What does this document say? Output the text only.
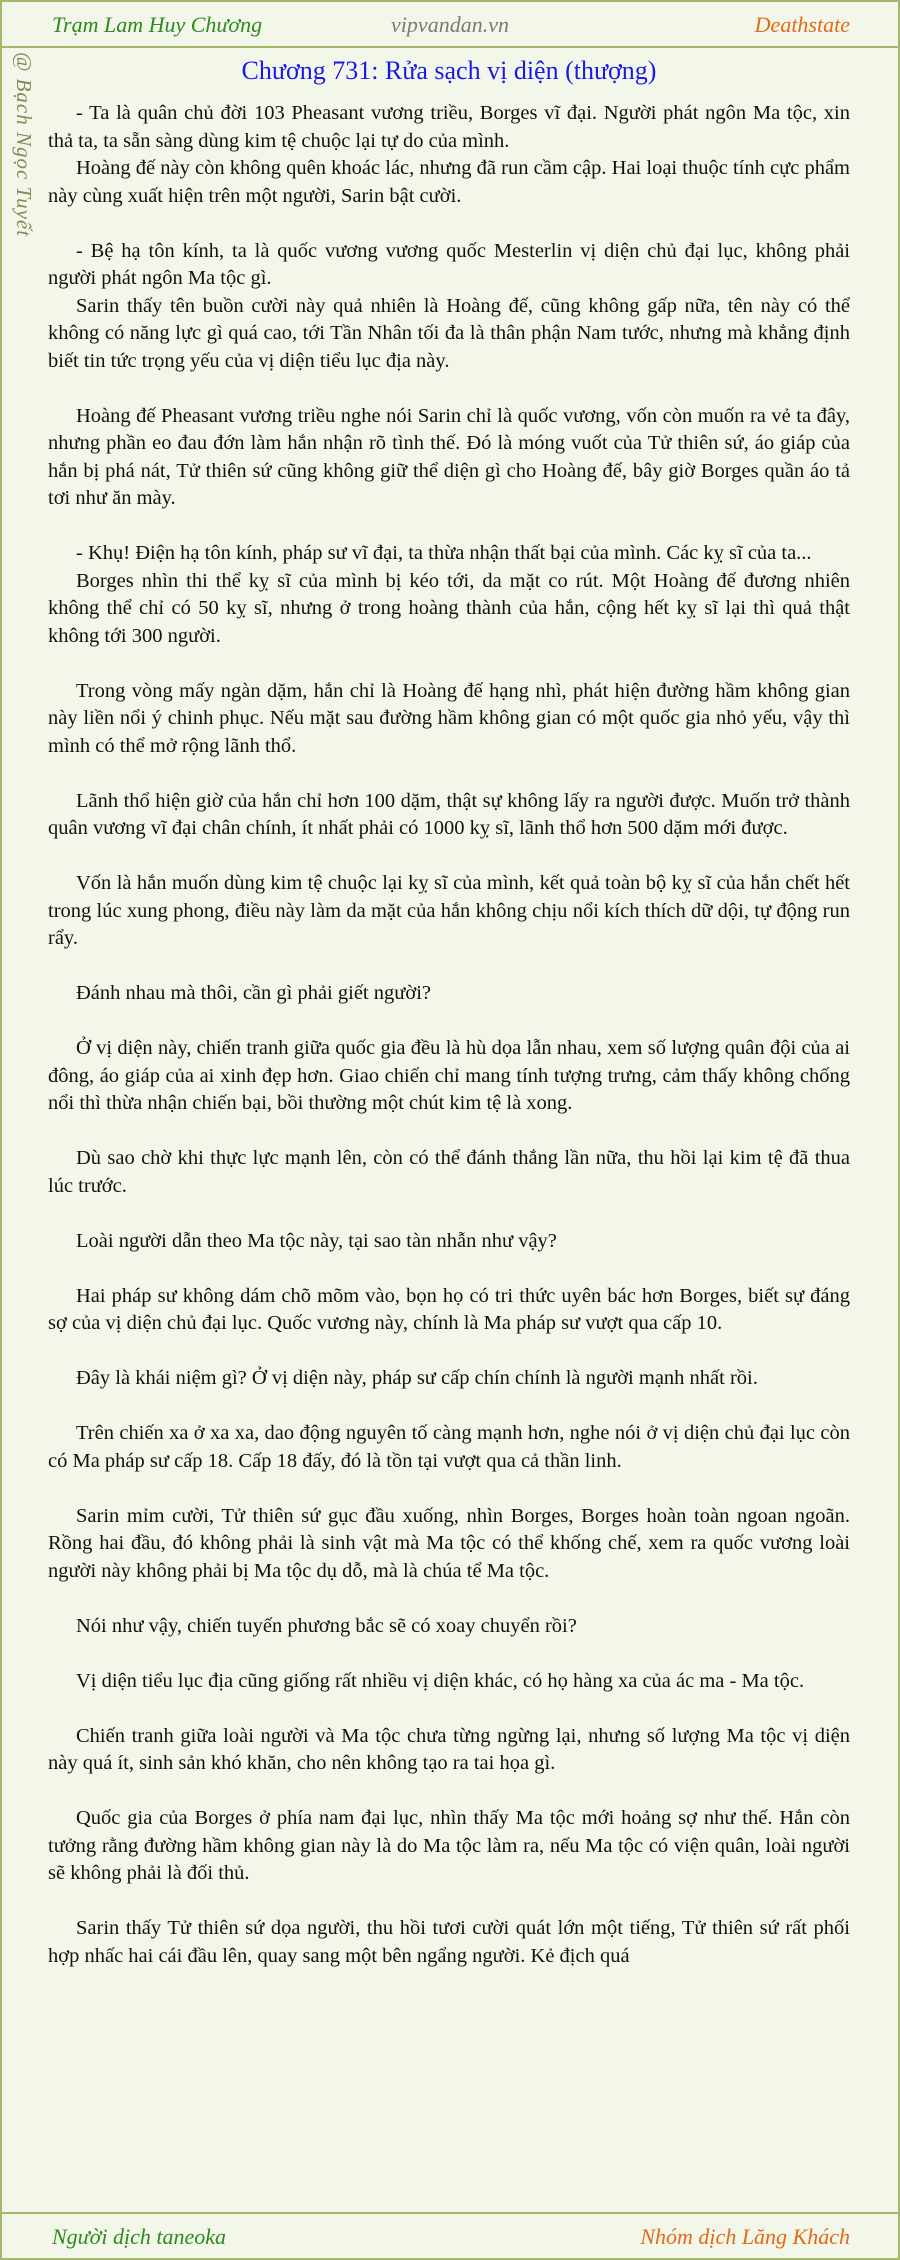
Trạm Lam Huy Chương	vipvandan.vn	Deathstate
@ Bạch Ngọc Tuyết	Chương 731: Rửa sạch vị diện (thượng)

- Ta là quân chủ đời 103 Pheasant vương triều, Borges vĩ đại. Người phát ngôn Ma tộc, xin thả ta, ta sẵn sàng dùng kim tệ chuộc lại tự do của mình.

Hoàng đế này còn không quên khoác lác, nhưng đã run cầm cập. Hai loại thuộc tính cực phẩm này cùng xuất hiện trên một người, Sarin bật cười.

- Bệ hạ tôn kính, ta là quốc vương vương quốc Mesterlin vị diện chủ đại lục, không phải người phát ngôn Ma tộc gì.

Sarin thấy tên buồn cười này quả nhiên là Hoàng đế, cũng không gấp nữa, tên này có thể không có năng lực gì quá cao, tới Tần Nhân tối đa là thân phận Nam tước, nhưng mà khẳng định biết tin tức trọng yếu của vị diện tiểu lục địa này.

Hoàng đế Pheasant vương triều nghe nói Sarin chỉ là quốc vương, vốn còn muốn ra vẻ ta đây, nhưng phần eo đau đớn làm hắn nhận rõ tình thế. Đó là móng vuốt của Tử thiên sứ, áo giáp của hắn bị phá nát, Tử thiên sứ cũng không giữ thể diện gì cho Hoàng đế, bây giờ Borges quần áo tả tơi như ăn mày.

- Khụ! Điện hạ tôn kính, pháp sư vĩ đại, ta thừa nhận thất bại của mình. Các kỵ sĩ của ta...

Borges nhìn thi thể kỵ sĩ của mình bị kéo tới, da mặt co rút. Một Hoàng đế đương nhiên không thể chỉ có 50 kỵ sĩ, nhưng ở trong hoàng thành của hắn, cộng hết kỵ sĩ lại thì quả thật không tới 300 người.

Trong vòng mấy ngàn dặm, hắn chỉ là Hoàng đế hạng nhì, phát hiện đường hầm không gian này liền nổi ý chinh phục. Nếu mặt sau đường hầm không gian có một quốc gia nhỏ yếu, vậy thì mình có thể mở rộng lãnh thổ.

Lãnh thổ hiện giờ của hắn chỉ hơn 100 dặm, thật sự không lấy ra người được. Muốn trở thành quân vương vĩ đại chân chính, ít nhất phải có 1000 kỵ sĩ, lãnh thổ hơn 500 dặm mới được.

Vốn là hắn muốn dùng kim tệ chuộc lại kỵ sĩ của mình, kết quả toàn bộ kỵ sĩ của hắn chết hết trong lúc xung phong, điều này làm da mặt của hắn không chịu nổi kích thích dữ dội, tự động run rẩy.

Đánh nhau mà thôi, cần gì phải giết người?

Ở vị diện này, chiến tranh giữa quốc gia đều là hù dọa lẫn nhau, xem số lượng quân đội của ai đông, áo giáp của ai xinh đẹp hơn. Giao chiến chỉ mang tính tượng trưng, cảm thấy không chống nổi thì thừa nhận chiến bại, bồi thường một chút kim tệ là xong.

Dù sao chờ khi thực lực mạnh lên, còn có thể đánh thắng lần nữa, thu hồi lại kim tệ đã thua lúc trước.

Loài người dẫn theo Ma tộc này, tại sao tàn nhẫn như vậy?

Hai pháp sư không dám chõ mõm vào, bọn họ có tri thức uyên bác hơn Borges, biết sự đáng sợ của vị diện chủ đại lục. Quốc vương này, chính là Ma pháp sư vượt qua cấp 10.

Đây là khái niệm gì? Ở vị diện này, pháp sư cấp chín chính là người mạnh nhất rồi.

Trên chiến xa ở xa xa, dao động nguyên tố càng mạnh hơn, nghe nói ở vị diện chủ đại lục còn có Ma pháp sư cấp 18. Cấp 18 đấy, đó là tồn tại vượt qua cả thần linh.

Sarin mỉm cười, Tử thiên sứ gục đầu xuống, nhìn Borges, Borges hoàn toàn ngoan ngoãn. Rồng hai đầu, đó không phải là sinh vật mà Ma tộc có thể khống chế, xem ra quốc vương loài người này không phải bị Ma tộc dụ dỗ, mà là chúa tể Ma tộc.

Nói như vậy, chiến tuyến phương bắc sẽ có xoay chuyển rồi?

Vị diện tiểu lục địa cũng giống rất nhiều vị diện khác, có họ hàng xa của ác ma - Ma tộc.

Chiến tranh giữa loài người và Ma tộc chưa từng ngừng lại, nhưng số lượng Ma tộc vị diện này quá ít, sinh sản khó khăn, cho nên không tạo ra tai họa gì.

Quốc gia của Borges ở phía nam đại lục, nhìn thấy Ma tộc mới hoảng sợ như thế. Hắn còn tưởng rằng đường hầm không gian này là do Ma tộc làm ra, nếu Ma tộc có viện quân, loài người sẽ không phải là đối thủ.

Sarin thấy Tử thiên sứ dọa người, thu hồi tươi cười quát lớn một tiếng, Tử thiên sứ rất phối hợp nhấc hai cái đầu lên, quay sang một bên ngẩng người. Kẻ địch quá

Người dịch taneoka	Nhóm dịch Lăng Khách
